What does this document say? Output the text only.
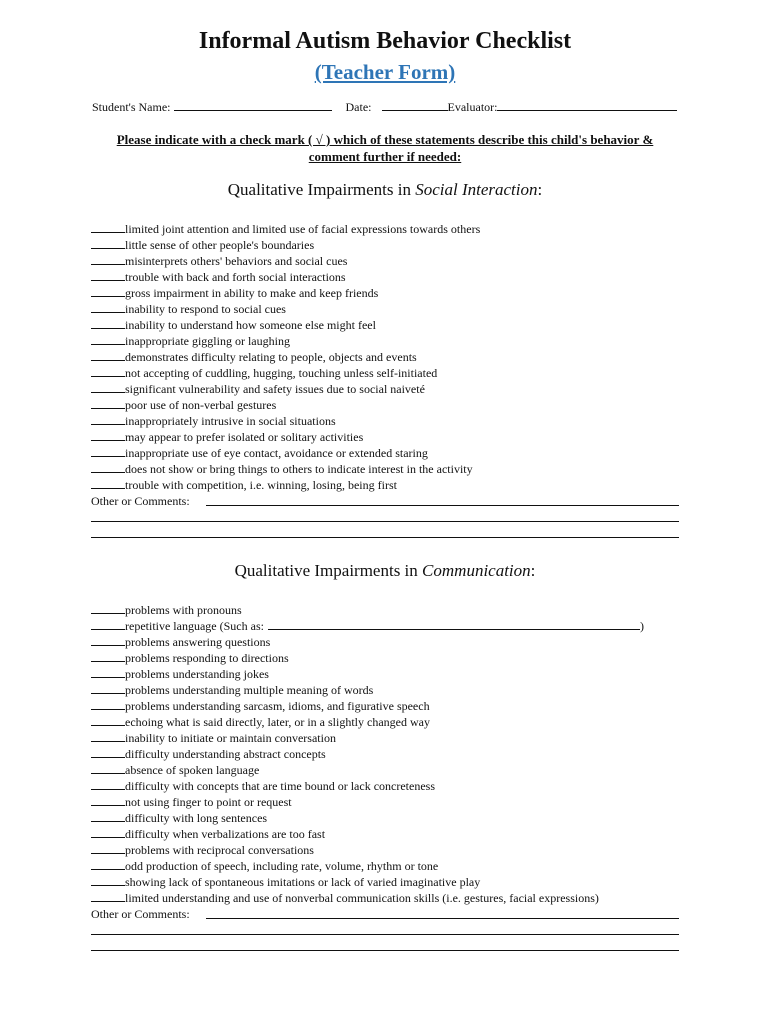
Informal Autism Behavior Checklist
(Teacher Form)
Student's Name:	Date:	Evaluator:
Please indicate with a check mark ( √ ) which of these statements describe this child's behavior & comment further if needed:
Qualitative Impairments in Social Interaction:
limited joint attention and limited use of facial expressions towards others
little sense of other people's boundaries
misinterprets others' behaviors and social cues
trouble with back and forth social interactions
gross impairment in ability to make and keep friends
inability to respond to social cues
inability to understand how someone else might feel
inappropriate giggling or laughing
demonstrates difficulty relating to people, objects and events
not accepting of cuddling, hugging, touching unless self-initiated
significant vulnerability and safety issues due to social naiveté
poor use of non-verbal gestures
inappropriately intrusive in social situations
may appear to prefer isolated or solitary activities
inappropriate use of eye contact, avoidance or extended staring
does not show or bring things to others to indicate interest in the activity
trouble with competition, i.e. winning, losing, being first
Other or Comments:
Qualitative Impairments in Communication:
problems with pronouns
repetitive language (Such as:	)
problems answering questions
problems responding to directions
problems understanding jokes
problems understanding multiple meaning of words
problems understanding sarcasm, idioms, and figurative speech
echoing what is said directly, later, or in a slightly changed way
inability to initiate or maintain conversation
difficulty understanding abstract concepts
absence of spoken language
difficulty with concepts that are time bound or lack concreteness
not using finger to point or request
difficulty with long sentences
difficulty when verbalizations are too fast
problems with reciprocal conversations
odd production of speech, including rate, volume, rhythm or tone
showing lack of spontaneous imitations or lack of varied imaginative play
limited understanding and use of nonverbal communication skills (i.e. gestures, facial expressions)
Other or Comments:
